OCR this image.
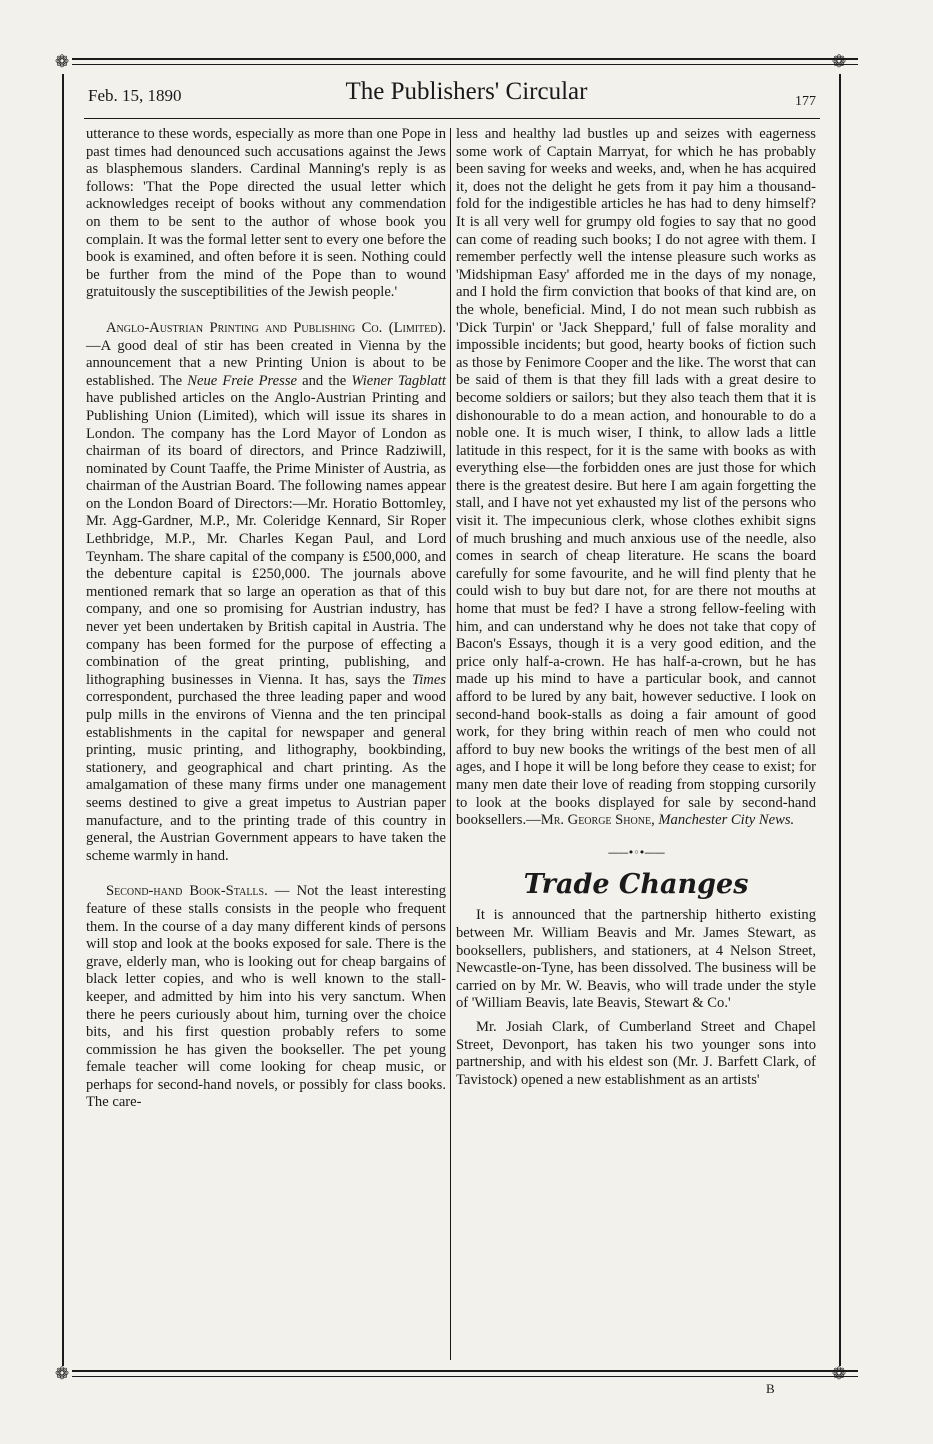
❁	❁
❁	❁
Feb. 15, 1890	The Publishers' Circular	177

utterance to these words, especially as more than one Pope in past times had denounced such accusations against the Jews as blasphemous slanders. Cardinal Manning's reply is as follows: 'That the Pope directed the usual letter which acknowledges receipt of books without any commendation on them to be sent to the author of whose book you complain. It was the formal letter sent to every one before the book is examined, and often before it is seen. Nothing could be further from the mind of the Pope than to wound gratuitously the susceptibilities of the Jewish people.'

Anglo-Austrian Printing and Publishing Co. (Limited).—A good deal of stir has been created in Vienna by the announcement that a new Printing Union is about to be established. The Neue Freie Presse and the Wiener Tagblatt have published articles on the Anglo-Austrian Printing and Publishing Union (Limited), which will issue its shares in London. The company has the Lord Mayor of London as chairman of its board of directors, and Prince Radziwill, nominated by Count Taaffe, the Prime Minister of Austria, as chairman of the Austrian Board. The following names appear on the London Board of Directors:—Mr. Horatio Bottomley, Mr. Agg-Gardner, M.P., Mr. Coleridge Kennard, Sir Roper Lethbridge, M.P., Mr. Charles Kegan Paul, and Lord Teynham. The share capital of the company is £500,000, and the debenture capital is £250,000. The journals above mentioned remark that so large an operation as that of this company, and one so promising for Austrian industry, has never yet been undertaken by British capital in Austria. The company has been formed for the purpose of effecting a combination of the great printing, publishing, and lithographing businesses in Vienna. It has, says the Times correspondent, purchased the three leading paper and wood pulp mills in the environs of Vienna and the ten principal establishments in the capital for newspaper and general printing, music printing, and lithography, bookbinding, stationery, and geographical and chart printing. As the amalgamation of these many firms under one management seems destined to give a great impetus to Austrian paper manufacture, and to the printing trade of this country in general, the Austrian Government appears to have taken the scheme warmly in hand.

Second-hand Book-Stalls. — Not the least interesting feature of these stalls consists in the people who frequent them. In the course of a day many different kinds of persons will stop and look at the books exposed for sale. There is the grave, elderly man, who is looking out for cheap bargains of black letter copies, and who is well known to the stall-keeper, and admitted by him into his very sanctum. When there he peers curiously about him, turning over the choice bits, and his first question probably refers to some commission he has given the bookseller. The pet young female teacher will come looking for cheap music, or perhaps for second-hand novels, or possibly for class books. The care-

less and healthy lad bustles up and seizes with eagerness some work of Captain Marryat, for which he has probably been saving for weeks and weeks, and, when he has acquired it, does not the delight he gets from it pay him a thousand-fold for the indigestible articles he has had to deny himself? It is all very well for grumpy old fogies to say that no good can come of reading such books; I do not agree with them. I remember perfectly well the intense pleasure such works as 'Midshipman Easy' afforded me in the days of my nonage, and I hold the firm conviction that books of that kind are, on the whole, beneficial. Mind, I do not mean such rubbish as 'Dick Turpin' or 'Jack Sheppard,' full of false morality and impossible incidents; but good, hearty books of fiction such as those by Fenimore Cooper and the like. The worst that can be said of them is that they fill lads with a great desire to become soldiers or sailors; but they also teach them that it is dishonourable to do a mean action, and honourable to do a noble one. It is much wiser, I think, to allow lads a little latitude in this respect, for it is the same with books as with everything else—the forbidden ones are just those for which there is the greatest desire. But here I am again forgetting the stall, and I have not yet exhausted my list of the persons who visit it. The impecunious clerk, whose clothes exhibit signs of much brushing and much anxious use of the needle, also comes in search of cheap literature. He scans the board carefully for some favourite, and he will find plenty that he could wish to buy but dare not, for are there not mouths at home that must be fed? I have a strong fellow-feeling with him, and can understand why he does not take that copy of Bacon's Essays, though it is a very good edition, and the price only half-a-crown. He has half-a-crown, but he has made up his mind to have a particular book, and cannot afford to be lured by any bait, however seductive. I look on second-hand book-stalls as doing a fair amount of good work, for they bring within reach of men who could not afford to buy new books the writings of the best men of all ages, and I hope it will be long before they cease to exist; for many men date their love of reading from stopping cursorily to look at the books displayed for sale by second-hand booksellers.—Mr. George Shone, Manchester City News.

——•◦•——
Trade Changes

It is announced that the partnership hitherto existing between Mr. William Beavis and Mr. James Stewart, as booksellers, publishers, and stationers, at 4 Nelson Street, Newcastle-on-Tyne, has been dissolved. The business will be carried on by Mr. W. Beavis, who will trade under the style of 'William Beavis, late Beavis, Stewart & Co.'

Mr. Josiah Clark, of Cumberland Street and Chapel Street, Devonport, has taken his two younger sons into partnership, and with his eldest son (Mr. J. Barfett Clark, of Tavistock) opened a new establishment as an artists'

B
